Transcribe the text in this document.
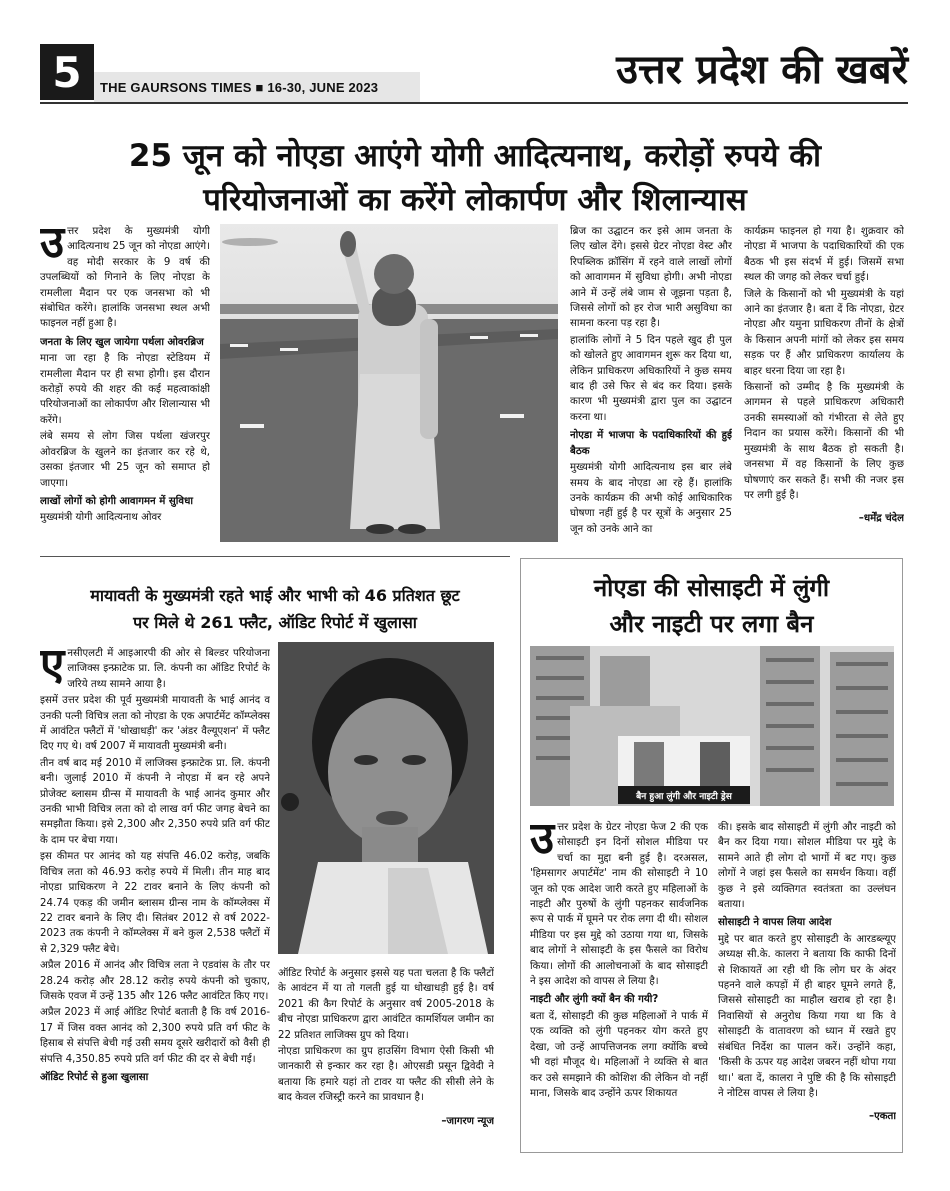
5	THE GAURSONS TIMES ■ 16-30, JUNE 2023	उत्तर प्रदेश की खबरें
25 जून को नोएडा आएंगे योगी आदित्यनाथ, करोड़ों रुपये की
परियोजनाओं का करेंगे लोकार्पण और शिलान्यास

उत्तर प्रदेश के मुख्यमंत्री योगी आदित्यनाथ 25 जून को नोएडा आएंगे। वह मोदी सरकार के 9 वर्ष की उपलब्धियों को गिनाने के लिए नोएडा के रामलीला मैदान पर एक जनसभा को भी संबोधित करेंगे। हालांकि जनसभा स्थल अभी फाइनल नहीं हुआ है।

जनता के लिए खुल जायेगा पर्थला ओवरब्रिज

माना जा रहा है कि नोएडा स्टेडियम में रामलीला मैदान पर ही सभा होगी। इस दौरान करोड़ों रुपये की शहर की कई महत्वाकांक्षी परियोजनाओं का लोकार्पण और शिलान्यास भी करेंगे।

लंबे समय से लोग जिस पर्थला खंजरपुर ओवरब्रिज के खुलने का इंतजार कर रहे थे, उसका इंतजार भी 25 जून को समाप्त हो जाएगा।

लाखों लोगों को होगी आवागमन में सुविधा

मुख्यमंत्री योगी आदित्यनाथ ओवर

ब्रिज का उद्घाटन कर इसे आम जनता के लिए खोल देंगे। इससे ग्रेटर नोएडा वेस्ट और रिपब्लिक क्रॉसिंग में रहने वाले लाखों लोगों को आवागमन में सुविधा होगी। अभी नोएडा आने में उन्हें लंबे जाम से जूझना पड़ता है, जिससे लोगों को हर रोज भारी असुविधा का सामना करना पड़ रहा है।

हालांकि लोगों ने 5 दिन पहले खुद ही पुल को खोलते हुए आवागमन शुरू कर दिया था, लेकिन प्राधिकरण अधिकारियों ने कुछ समय बाद ही उसे फिर से बंद कर दिया। इसके कारण भी मुख्यमंत्री द्वारा पुल का उद्घाटन करना था।

नोएडा में भाजपा के पदाधिकारियों की हुई बैठक

मुख्यमंत्री योगी आदित्यनाथ इस बार लंबे समय के बाद नोएडा आ रहे हैं। हालांकि उनके कार्यक्रम की अभी कोई आधिकारिक घोषणा नहीं हुई है पर सूत्रों के अनुसार 25 जून को उनके आने का

कार्यक्रम फाइनल हो गया है। शुक्रवार को नोएडा में भाजपा के पदाधिकारियों की एक बैठक भी इस संदर्भ में हुई। जिसमें सभा स्थल की जगह को लेकर चर्चा हुई।

जिले के किसानों को भी मुख्यमंत्री के यहां आने का इंतजार है। बता दें कि नोएडा, ग्रेटर नोएडा और यमुना प्राधिकरण तीनों के क्षेत्रों के किसान अपनी मांगों को लेकर इस समय सड़क पर हैं और प्राधिकरण कार्यालय के बाहर धरना दिया जा रहा है।

किसानों को उम्मीद है कि मुख्यमंत्री के आगमन से पहले प्राधिकरण अधिकारी उनकी समस्याओं को गंभीरता से लेते हुए निदान का प्रयास करेंगे। किसानों की भी मुख्यमंत्री के साथ बैठक हो सकती है। जनसभा में वह किसानों के लिए कुछ घोषणाएं कर सकते हैं। सभी की नजर इस पर लगी हुई है।

–धर्मेंद्र चंदेल

मायावती के मुख्यमंत्री रहते भाई और भाभी को 46 प्रतिशत छूट
पर मिले थे 261 फ्लैट, ऑडिट रिपोर्ट में खुलासा

एनसीएलटी में आइआरपी की ओर से बिल्डर परियोजना लाजिक्स इन्फ्राटेक प्रा. लि. कंपनी का ऑडिट रिपोर्ट के जरिये तथ्य सामने आया है।

इसमें उत्तर प्रदेश की पूर्व मुख्यमंत्री मायावती के भाई आनंद व उनकी पत्नी विचित्र लता को नोएडा के एक अपार्टमेंट कॉम्प्लेक्स में आवंटित फ्लैटों में 'धोखाधड़ी' कर 'अंडर वैल्यूएशन' में फ्लैट दिए गए थे। वर्ष 2007 में मायावती मुख्यमंत्री बनी।

तीन वर्ष बाद मई 2010 में लाजिक्स इन्फ्राटेक प्रा. लि. कंपनी बनी। जुलाई 2010 में कंपनी ने नोएडा में बन रहे अपने प्रोजेक्ट ब्लासम ग्रीन्स में मायावती के भाई आनंद कुमार और उनकी भाभी विचित्र लता को दो लाख वर्ग फीट जगह बेचने का समझौता किया। इसे 2,300 और 2,350 रुपये प्रति वर्ग फीट के दाम पर बेचा गया।

इस कीमत पर आनंद को यह संपत्ति 46.02 करोड़, जबकि विचित्र लता को 46.93 करोड़ रुपये में मिली। तीन माह बाद नोएडा प्राधिकरण ने 22 टावर बनाने के लिए कंपनी को 24.74 एकड़ की जमीन ब्लासम ग्रीन्स नाम के कॉम्प्लेक्स में 22 टावर बनाने के लिए दी। सितंबर 2012 से वर्ष 2022-2023 तक कंपनी ने कॉम्प्लेक्स में बने कुल 2,538 फ्लैटों में से 2,329 फ्लैट बेचे।

अप्रैल 2016 में आनंद और विचित्र लता ने एडवांस के तौर पर 28.24 करोड़ और 28.12 करोड़ रुपये कंपनी को चुकाए, जिसके एवज में उन्हें 135 और 126 फ्लैट आवंटित किए गए।

अप्रैल 2023 में आई ऑडिट रिपोर्ट बताती है कि वर्ष 2016-17 में जिस वक्त आनंद को 2,300 रुपये प्रति वर्ग फीट के हिसाब से संपत्ति बेची गई उसी समय दूसरे खरीदारों को वैसी ही संपत्ति 4,350.85 रुपये प्रति वर्ग फीट की दर से बेची गई।

ऑडिट रिपोर्ट से हुआ खुलासा

ऑडिट रिपोर्ट के अनुसार इससे यह पता चलता है कि फ्लैटों के आवंटन में या तो गलती हुई या धोखाधड़ी हुई है। वर्ष 2021 की कैग रिपोर्ट के अनुसार वर्ष 2005-2018 के बीच नोएडा प्राधिकरण द्वारा आवंटित कामर्शियल जमीन का 22 प्रतिशत लाजिक्स ग्रुप को दिया।

नोएडा प्राधिकरण का ग्रुप हाउसिंग विभाग ऐसी किसी भी जानकारी से इन्कार कर रहा है। ओएसडी प्रसून द्विवेदी ने बताया कि हमारे यहां तो टावर या फ्लैट की सीसी लेने के बाद केवल रजिस्ट्री करने का प्रावधान है।

–जागरण न्यूज

नोएडा की सोसाइटी में लुंगी
और नाइटी पर लगा बैन
बैन हुआ लुंगी और नाइटी ड्रेस

उत्तर प्रदेश के ग्रेटर नोएडा फेज 2 की एक सोसाइटी इन दिनों सोशल मीडिया पर चर्चा का मुद्दा बनी हुई है। दरअसल, 'हिमसागर अपार्टमेंट' नाम की सोसाइटी ने 10 जून को एक आदेश जारी करते हुए महिलाओं के नाइटी और पुरुषों के लुंगी पहनकर सार्वजनिक रूप से पार्क में घूमने पर रोक लगा दी थी। सोशल मीडिया पर इस मुद्दे को उठाया गया था, जिसके बाद लोगों ने सोसाइटी के इस फैसले का विरोध किया। लोगों की आलोचनाओं के बाद सोसाइटी ने इस आदेश को वापस ले लिया है।

नाइटी और लुंगी क्यों बैन की गयी?

बता दें, सोसाइटी की कुछ महिलाओं ने पार्क में एक व्यक्ति को लुंगी पहनकर योग करते हुए देखा, जो उन्हें आपत्तिजनक लगा क्योंकि बच्चे भी वहां मौजूद थे। महिलाओं ने व्यक्ति से बात कर उसे समझाने की कोशिश की लेकिन वो नहीं माना, जिसके बाद उन्होंने ऊपर शिकायत

की। इसके बाद सोसाइटी में लुंगी और नाइटी को बैन कर दिया गया। सोशल मीडिया पर मुद्दे के सामने आते ही लोग दो भागों में बट गए। कुछ लोगों ने जहां इस फैसले का समर्थन किया। वहीं कुछ ने इसे व्यक्तिगत स्वतंत्रता का उल्लंघन बताया।

सोसाइटी ने वापस लिया आदेश

मुद्दे पर बात करते हुए सोसाइटी के आरडब्ल्यूए अध्यक्ष सी.के. कालरा ने बताया कि काफी दिनों से शिकायतें आ रही थी कि लोग घर के अंदर पहनने वाले कपड़ों में ही बाहर घूमने लगते हैं, जिससे सोसाइटी का माहौल खराब हो रहा है। निवासियों से अनुरोध किया गया था कि वे सोसाइटी के वातावरण को ध्यान में रखते हुए संबंधित निर्देश का पालन करें। उन्होंने कहा, 'किसी के ऊपर यह आदेश जबरन नहीं थोपा गया था।' बता दें, कालरा ने पुष्टि की है कि सोसाइटी ने नोटिस वापस ले लिया है।

–एकता
